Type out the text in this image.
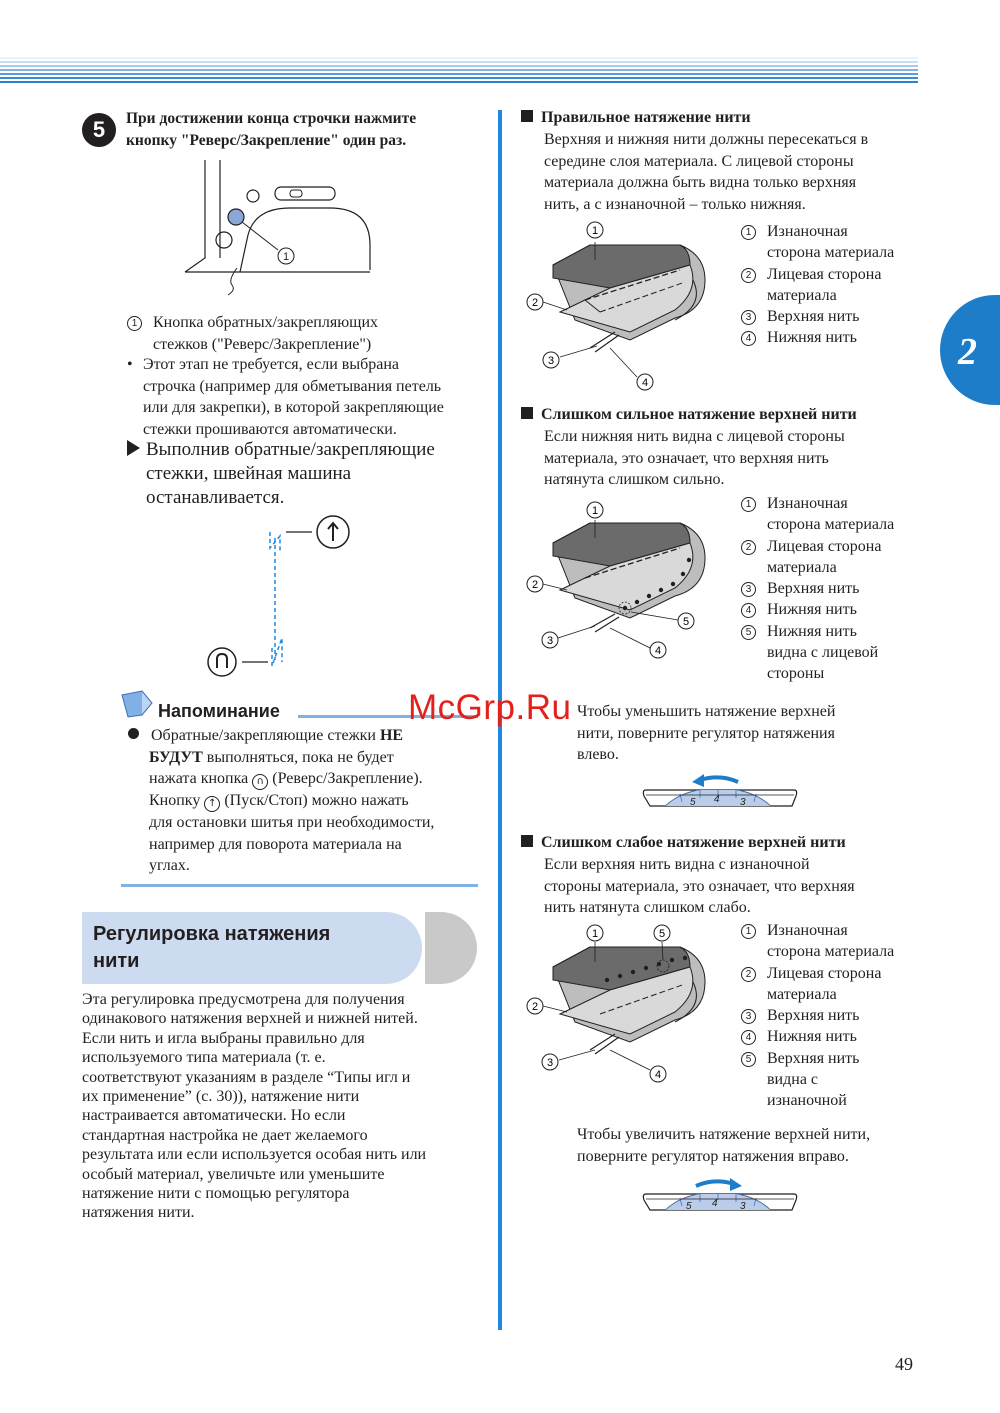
2
5	При достижении конца строчки нажмите
кнопку "Реверс/Закрепление" один раз.
1
1 Кнопка обратных/закрепляющих
стежков ("Реверс/Закрепление")
• Этот этап не требуется, если выбрана
строчка (например для обметывания петель
или для закрепки), в которой закрепляющие
стежки прошиваются автоматически.
Выполнив обратные/закрепляющие
стежки, швейная машина
останавливается.
Напоминание
Обратные/закрепляющие стежки НЕ
БУДУТ выполняться, пока не будет
нажата кнопка ∩ (Реверс/Закрепление).
Кнопку ↑ (Пуск/Стоп) можно нажать
для остановки шитья при необходимости,
например для поворота материала на
углах.
Регулировка натяжения
нити
Эта регулировка предусмотрена для получения
одинакового натяжения верхней и нижней нитей.
Если нить и игла выбраны правильно для
используемого типа материала (т. е.
соответствуют указаниям в разделе “Типы игл и
их применение” (с. 30)), натяжение нити
настраивается автоматически. Но если
стандартная настройка не дает желаемого
результата или если используется особая нить или
особый материал, увеличьте или уменьшите
натяжение нити с помощью регулятора
натяжения нити.
Правильное натяжение нити
Верхняя и нижняя нити должны пересекаться в
середине слоя материала. С лицевой стороны
материала должна быть видна только верхняя
нить, а с изнаночной – только нижняя.
1
2
3
4
1 Изнаночная
сторона материала
2 Лицевая сторона
материала
3 Верхняя нить
4 Нижняя нить
Слишком сильное натяжение верхней нити
Если нижняя нить видна с лицевой стороны
материала, это означает, что верхняя нить
натянута слишком сильно.
1
2
3
4
5
1 Изнаночная
сторона материала
2 Лицевая сторона
материала
3 Верхняя нить
4 Нижняя нить
5 Нижняя нить
видна с лицевой
стороны
Чтобы уменьшить натяжение верхней
нити, поверните регулятор натяжения
влево.
5 4 3
Слишком слабое натяжение верхней нити
Если верхняя нить видна с изнаночной
стороны материала, это означает, что верхняя
нить натянута слишком слабо.
1	5
2
3
4
1 Изнаночная
сторона материала
2 Лицевая сторона
материала
3 Верхняя нить
4 Нижняя нить
5 Верхняя нить
видна с
изнаночной
Чтобы увеличить натяжение верхней нити,
поверните регулятор натяжения вправо.
5 4 3
McGrp.Ru
49
